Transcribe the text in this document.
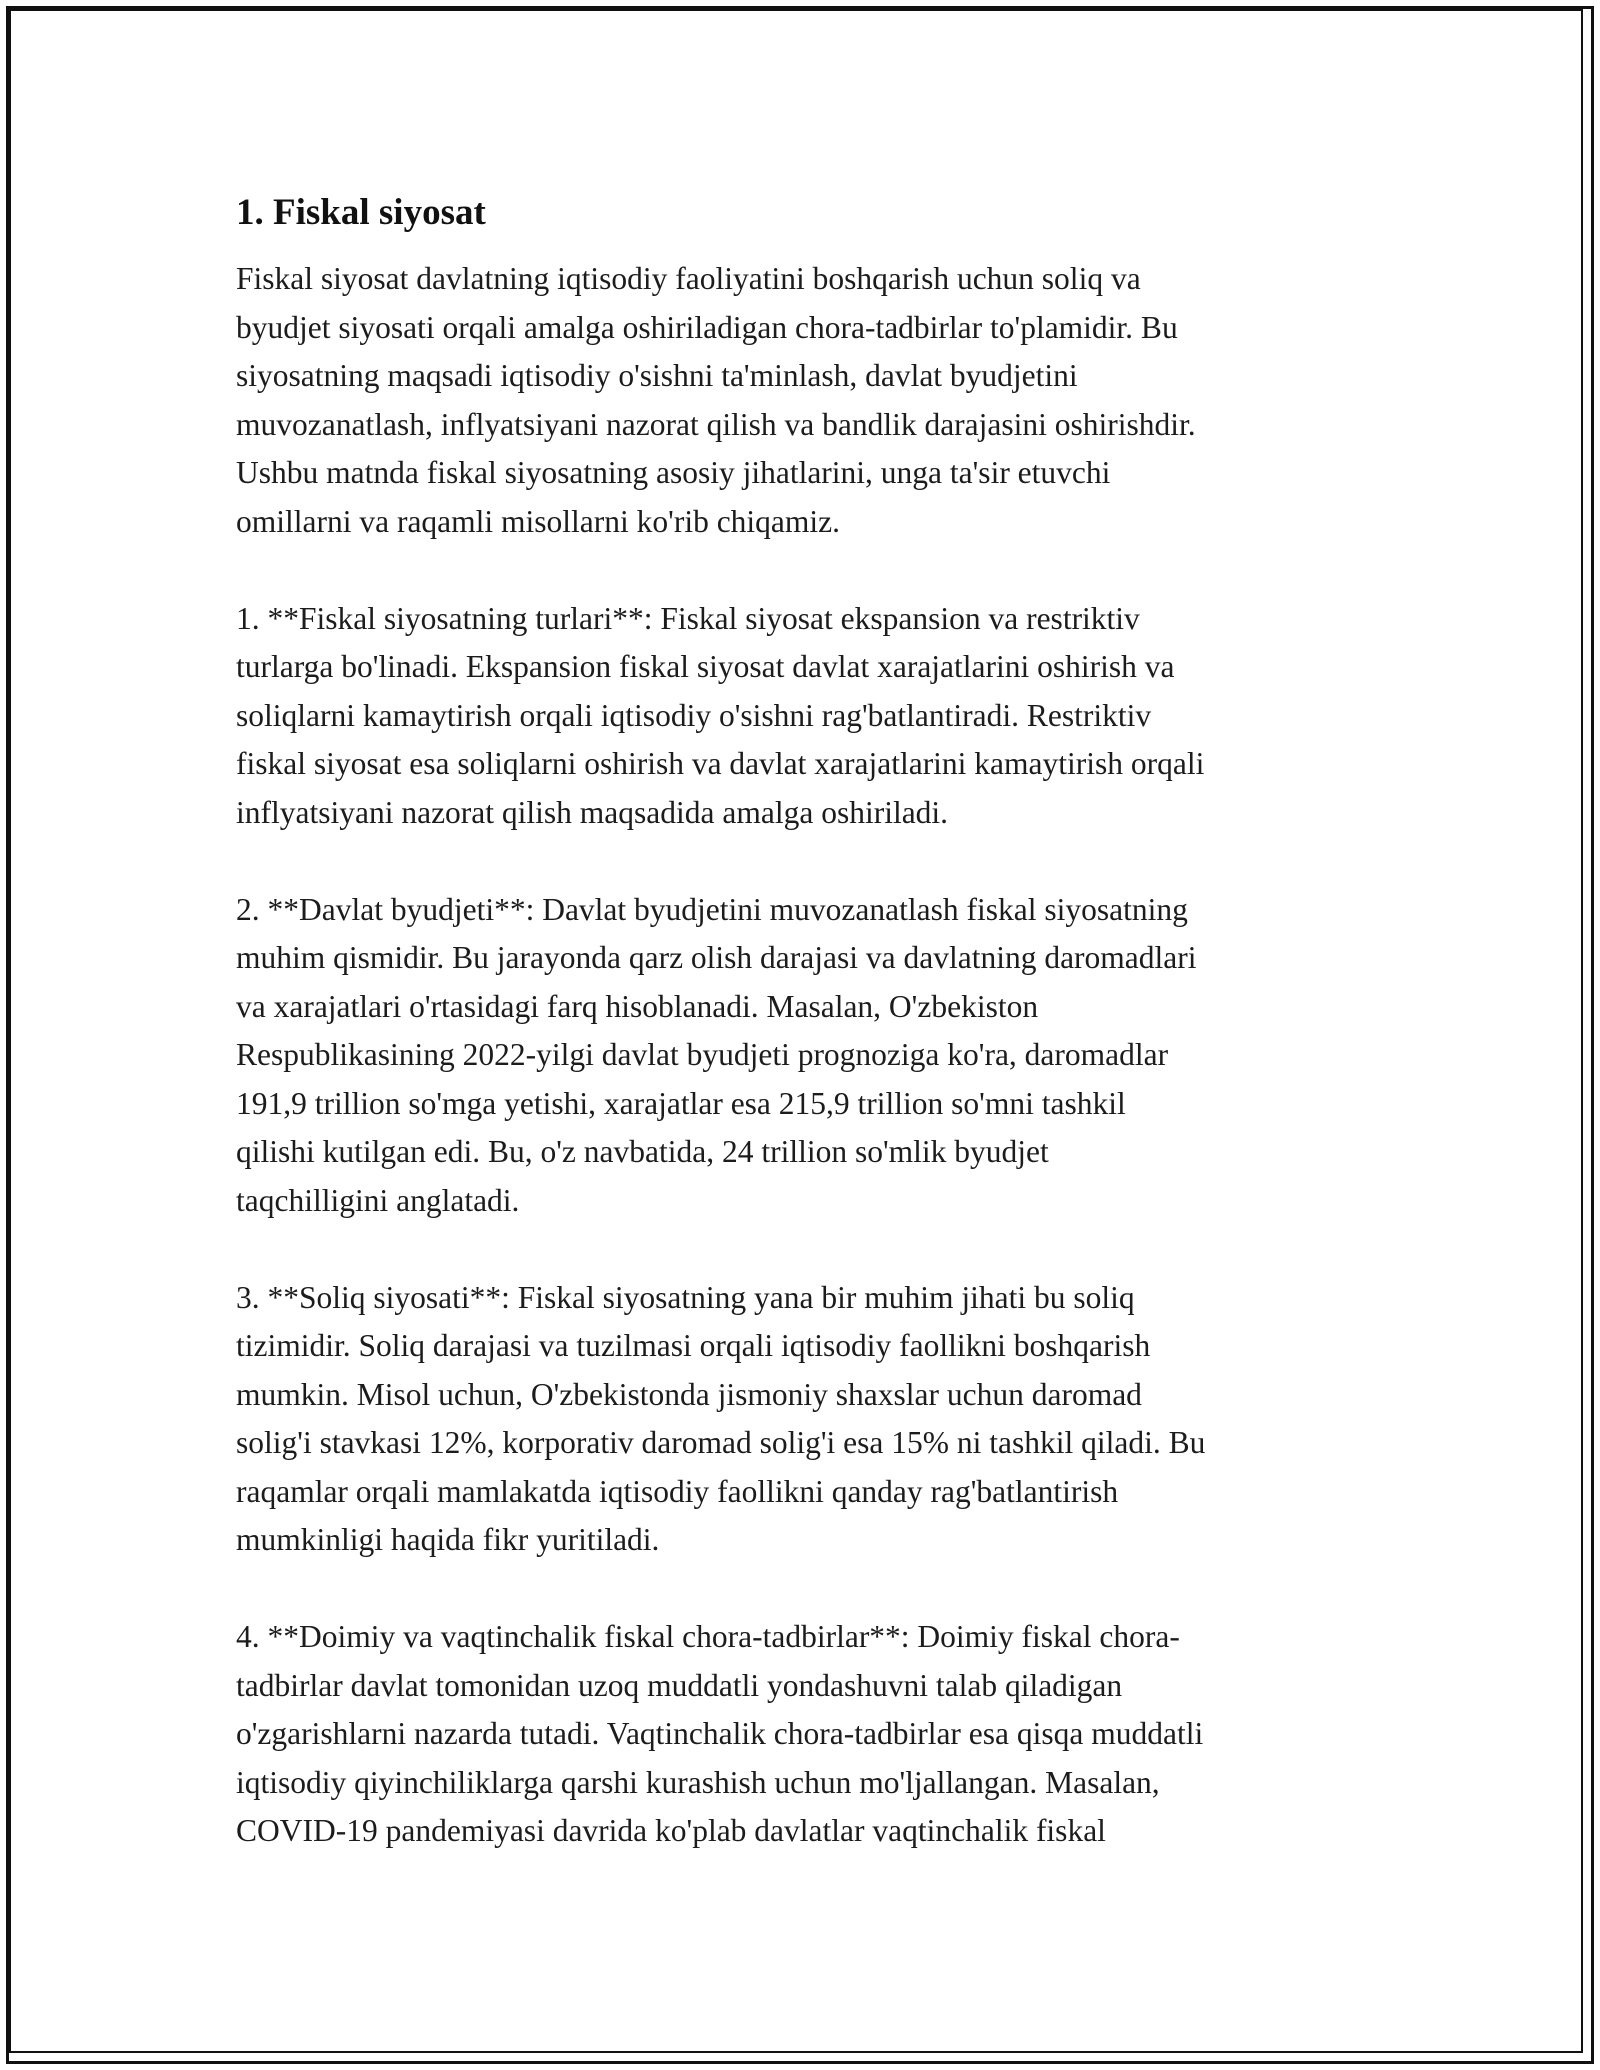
1. Fiskal siyosat

Fiskal siyosat davlatning iqtisodiy faoliyatini boshqarish uchun soliq va
byudjet siyosati orqali amalga oshiriladigan chora-tadbirlar to'plamidir. Bu
siyosatning maqsadi iqtisodiy o'sishni ta'minlash, davlat byudjetini
muvozanatlash, inflyatsiyani nazorat qilish va bandlik darajasini oshirishdir.
Ushbu matnda fiskal siyosatning asosiy jihatlarini, unga ta'sir etuvchi
omillarni va raqamli misollarni ko'rib chiqamiz.

1. **Fiskal siyosatning turlari**: Fiskal siyosat ekspansion va restriktiv
turlarga bo'linadi. Ekspansion fiskal siyosat davlat xarajatlarini oshirish va
soliqlarni kamaytirish orqali iqtisodiy o'sishni rag'batlantiradi. Restriktiv
fiskal siyosat esa soliqlarni oshirish va davlat xarajatlarini kamaytirish orqali
inflyatsiyani nazorat qilish maqsadida amalga oshiriladi.

2. **Davlat byudjeti**: Davlat byudjetini muvozanatlash fiskal siyosatning
muhim qismidir. Bu jarayonda qarz olish darajasi va davlatning daromadlari
va xarajatlari o'rtasidagi farq hisoblanadi. Masalan, O'zbekiston
Respublikasining 2022-yilgi davlat byudjeti prognoziga ko'ra, daromadlar
191,9 trillion so'mga yetishi, xarajatlar esa 215,9 trillion so'mni tashkil
qilishi kutilgan edi. Bu, o'z navbatida, 24 trillion so'mlik byudjet
taqchilligini anglatadi.

3. **Soliq siyosati**: Fiskal siyosatning yana bir muhim jihati bu soliq
tizimidir. Soliq darajasi va tuzilmasi orqali iqtisodiy faollikni boshqarish
mumkin. Misol uchun, O'zbekistonda jismoniy shaxslar uchun daromad
solig'i stavkasi 12%, korporativ daromad solig'i esa 15% ni tashkil qiladi. Bu
raqamlar orqali mamlakatda iqtisodiy faollikni qanday rag'batlantirish
mumkinligi haqida fikr yuritiladi.

4. **Doimiy va vaqtinchalik fiskal chora-tadbirlar**: Doimiy fiskal chora-
tadbirlar davlat tomonidan uzoq muddatli yondashuvni talab qiladigan
o'zgarishlarni nazarda tutadi. Vaqtinchalik chora-tadbirlar esa qisqa muddatli
iqtisodiy qiyinchiliklarga qarshi kurashish uchun mo'ljallangan. Masalan,
COVID-19 pandemiyasi davrida ko'plab davlatlar vaqtinchalik fiskal
